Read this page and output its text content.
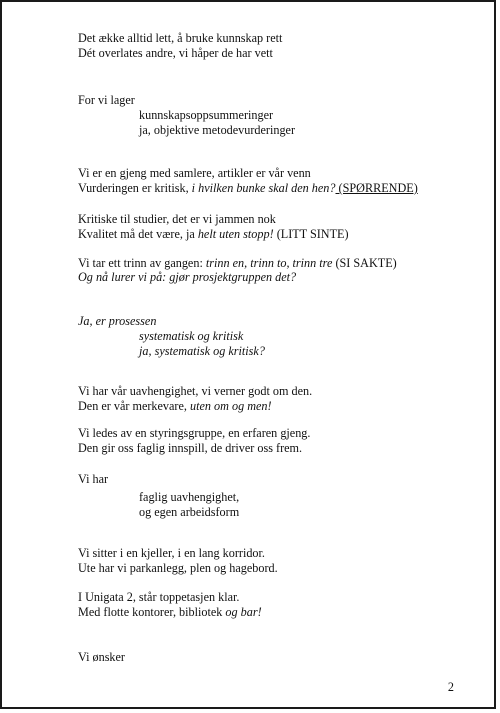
Det ække alltid lett, å bruke kunnskap rett
Dét overlates andre, vi håper de har vett
For vi lager
kunnskapsoppsummeringer
ja, objektive metodevurderinger
Vi er en gjeng med samlere, artikler er vår venn
Vurderingen er kritisk, i hvilken bunke skal den hen? (SPØRRENDE)
Kritiske til studier, det er vi jammen nok
Kvalitet må det være, ja helt uten stopp! (LITT SINTE)
Vi tar ett trinn av gangen: trinn en, trinn to, trinn tre (SI SAKTE)
Og nå lurer vi på: gjør prosjektgruppen det?
Ja, er prosessen
systematisk og kritisk
ja, systematisk og kritisk?
Vi har vår uavhengighet, vi verner godt om den.
Den er vår merkevare, uten om og men!
Vi ledes av en styringsgruppe, en erfaren gjeng.
Den gir oss faglig innspill, de driver oss frem.
Vi har
faglig uavhengighet,
og egen arbeidsform
Vi sitter i en kjeller, i en lang korridor.
Ute har vi parkanlegg, plen og hagebord.
I Unigata 2, står toppetasjen klar.
Med flotte kontorer, bibliotek og bar!
Vi ønsker
2
